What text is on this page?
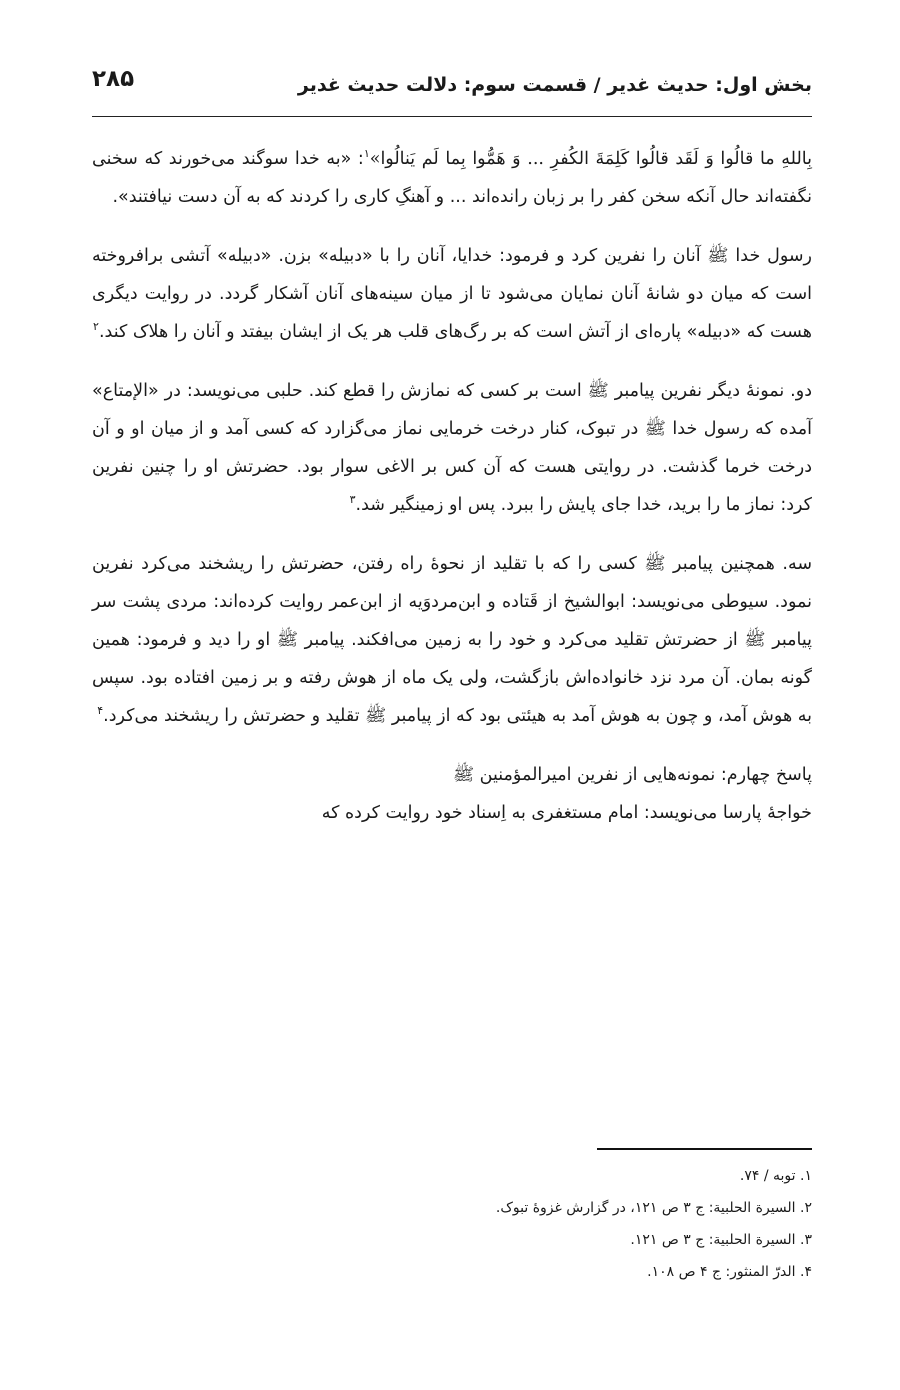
بخش اول: حدیث غدیر / قسمت سوم: دلالت حدیث غدیر
۲۸۵

بِاللهِ ما قالُوا وَ لَقَد قالُوا كَلِمَةَ الكُفرِ ... وَ هَمُّوا بِما لَم يَنالُوا»$^۱$: «به خدا سوگند می‌خورند که سخنی نگفته‌اند حال آنکه سخن کفر را بر زبان رانده‌اند ... و آهنگِ کاری را کردند که به آن دست نیافتند».

رسول خدا ﷺ آنان را نفرین کرد و فرمود: خدایا، آنان را با «دبیله» بزن. «دبیله» آتشی برافروخته است که میان دو شانهٔ آنان نمایان می‌شود تا از میان سینه‌های آنان آشکار گردد. در روایت دیگری هست که «دبیله» پاره‌ای از آتش است که بر رگ‌های قلب هر یک از ایشان بیفتد و آنان را هلاک کند.$^۲$

دو. نمونهٔ دیگر نفرین پیامبر ﷺ است بر کسی که نمازش را قطع کند. حلبی می‌نویسد: در «الإمتاع» آمده که رسول خدا ﷺ در تبوک، کنار درخت خرمایی نماز می‌گزارد که کسی آمد و از میان او و آن درخت خرما گذشت. در روایتی هست که آن کس بر الاغی سوار بود. حضرتش او را چنین نفرین کرد: نماز ما را برید، خدا جای پایش را ببرد. پس او زمینگیر شد.$^۳$

سه. همچنین پیامبر ﷺ کسی را که با تقلید از نحوهٔ راه رفتن، حضرتش را ریشخند می‌کرد نفرین نمود. سیوطی می‌نویسد: ابوالشیخ از قَتاده و ابن‌مردوَیه از ابن‌عمر روایت کرده‌اند: مردی پشت سر پیامبر ﷺ از حضرتش تقلید می‌کرد و خود را به زمین می‌افکند. پیامبر ﷺ او را دید و فرمود: همین گونه بمان. آن مرد نزد خانواده‌اش بازگشت، ولی یک ماه از هوش رفته و بر زمین افتاده بود. سپس به هوش آمد، و چون به هوش آمد به هیئتی بود که از پیامبر ﷺ تقلید و حضرتش را ریشخند می‌کرد.$^۴$

پاسخ چهارم: نمونه‌هایی از نفرین امیرالمؤمنین ﷺ

خواجهٔ پارسا می‌نویسد: امام مستغفری به اِسناد خود روایت کرده که

۱. توبه / ۷۴.
۲. السیرة الحلبیة: ج ۳ ص ۱۲۱، در گزارش غزوهٔ تبوک.
۳. السیرة الحلبیة: ج ۳ ص ۱۲۱.
۴. الدرّ المنثور: ج ۴ ص ۱۰۸.
